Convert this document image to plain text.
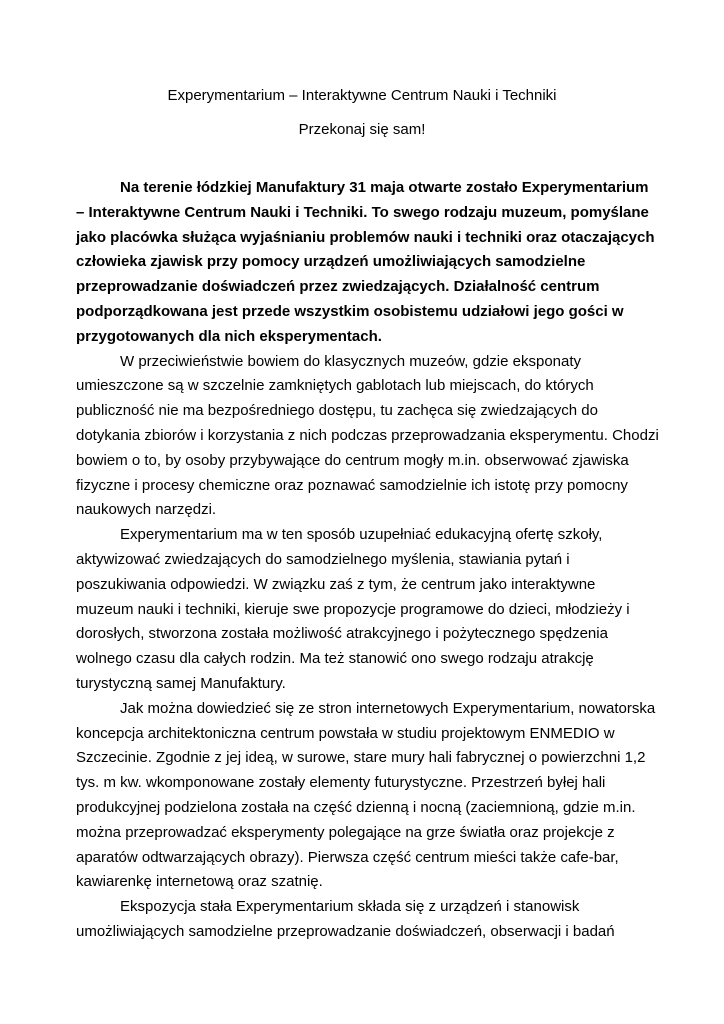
Experymentarium – Interaktywne Centrum Nauki i Techniki
Przekonaj się sam!

Na terenie łódzkiej Manufaktury 31 maja otwarte zostało Experymentarium
– Interaktywne Centrum Nauki i Techniki. To swego rodzaju muzeum, pomyślane
jako placówka służąca wyjaśnianiu problemów nauki i techniki oraz otaczających
człowieka zjawisk przy pomocy urządzeń umożliwiających samodzielne
przeprowadzanie doświadczeń przez zwiedzających. Działalność centrum
podporządkowana jest przede wszystkim osobistemu udziałowi jego gości w
przygotowanych dla nich eksperymentach.

W przeciwieństwie bowiem do klasycznych muzeów, gdzie eksponaty
umieszczone są w szczelnie zamkniętych gablotach lub miejscach, do których
publiczność nie ma bezpośredniego dostępu, tu zachęca się zwiedzających do
dotykania zbiorów i korzystania z nich podczas przeprowadzania eksperymentu. Chodzi
bowiem o to, by osoby przybywające do centrum mogły m.in. obserwować zjawiska
fizyczne i procesy chemiczne oraz poznawać samodzielnie ich istotę przy pomocny
naukowych narzędzi.

Experymentarium ma w ten sposób uzupełniać edukacyjną ofertę szkoły,
aktywizować zwiedzających do samodzielnego myślenia, stawiania pytań i
poszukiwania odpowiedzi. W związku zaś z tym, że centrum jako interaktywne
muzeum nauki i techniki, kieruje swe propozycje programowe do dzieci, młodzieży i
dorosłych, stworzona została możliwość atrakcyjnego i pożytecznego spędzenia
wolnego czasu dla całych rodzin. Ma też stanowić ono swego rodzaju atrakcję
turystyczną samej Manufaktury.

Jak można dowiedzieć się ze stron internetowych Experymentarium, nowatorska
koncepcja architektoniczna centrum powstała w studiu projektowym ENMEDIO w
Szczecinie. Zgodnie z jej ideą, w surowe, stare mury hali fabrycznej o powierzchni 1,2
tys. m kw. wkomponowane zostały elementy futurystyczne. Przestrzeń byłej hali
produkcyjnej podzielona została na część dzienną i nocną (zaciemnioną, gdzie m.in.
można przeprowadzać eksperymenty polegające na grze światła oraz projekcje z
aparatów odtwarzających obrazy). Pierwsza część centrum mieści także cafe-bar,
kawiarenkę internetową oraz szatnię.

Ekspozycja stała Experymentarium składa się z urządzeń i stanowisk
umożliwiających samodzielne przeprowadzanie doświadczeń, obserwacji i badań
